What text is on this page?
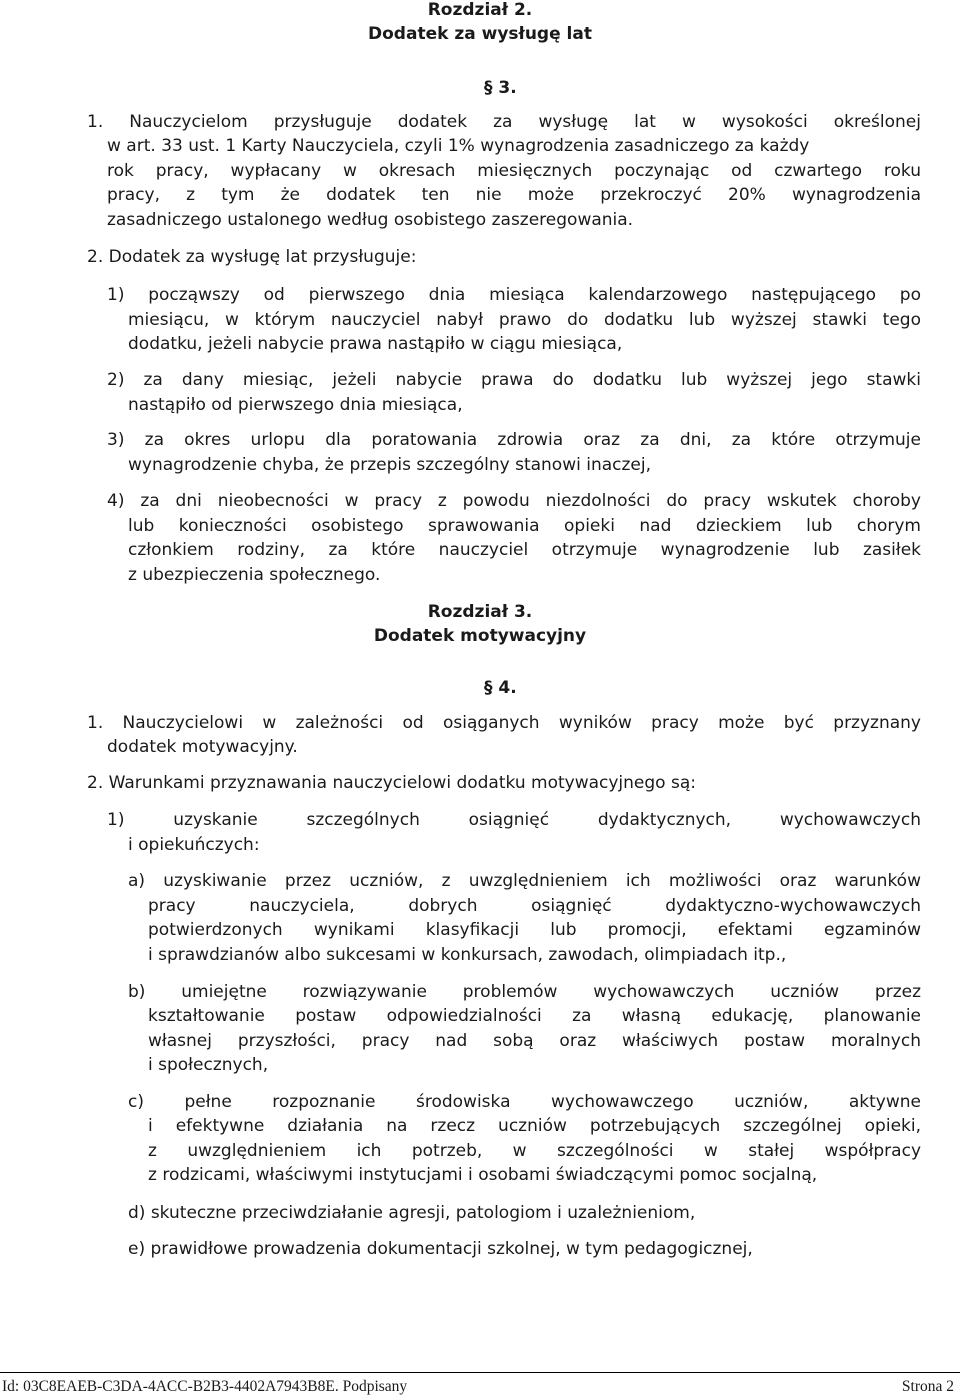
Rozdział 2.
Dodatek za wysługę lat
§ 3.
1. Nauczycielom przysługuje dodatek za wysługę lat w wysokości określonej
w art. 33 ust. 1 Karty Nauczyciela, czyli 1% wynagrodzenia zasadniczego za każdy
rok pracy, wypłacany w okresach miesięcznych poczynając od czwartego roku
pracy, z tym że dodatek ten nie może przekroczyć 20% wynagrodzenia
zasadniczego ustalonego według osobistego zaszeregowania.
2. Dodatek za wysługę lat przysługuje:
1) począwszy od pierwszego dnia miesiąca kalendarzowego następującego po
miesiącu, w którym nauczyciel nabył prawo do dodatku lub wyższej stawki tego
dodatku, jeżeli nabycie prawa nastąpiło w ciągu miesiąca,
2) za dany miesiąc, jeżeli nabycie prawa do dodatku lub wyższej jego stawki
nastąpiło od pierwszego dnia miesiąca,
3) za okres urlopu dla poratowania zdrowia oraz za dni, za które otrzymuje
wynagrodzenie chyba, że przepis szczególny stanowi inaczej,
4) za dni nieobecności w pracy z powodu niezdolności do pracy wskutek choroby
lub konieczności osobistego sprawowania opieki nad dzieckiem lub chorym
członkiem rodziny, za które nauczyciel otrzymuje wynagrodzenie lub zasiłek
z ubezpieczenia społecznego.
Rozdział 3.
Dodatek motywacyjny
§ 4.
1. Nauczycielowi w zależności od osiąganych wyników pracy może być przyznany
dodatek motywacyjny.
2. Warunkami przyznawania nauczycielowi dodatku motywacyjnego są:
1) uzyskanie szczególnych osiągnięć dydaktycznych, wychowawczych
i opiekuńczych:
a) uzyskiwanie przez uczniów, z uwzględnieniem ich możliwości oraz warunków
pracy nauczyciela, dobrych osiągnięć dydaktyczno-wychowawczych
potwierdzonych wynikami klasyfikacji lub promocji, efektami egzaminów
i sprawdzianów albo sukcesami w konkursach, zawodach, olimpiadach itp.,
b) umiejętne rozwiązywanie problemów wychowawczych uczniów przez
kształtowanie postaw odpowiedzialności za własną edukację, planowanie
własnej przyszłości, pracy nad sobą oraz właściwych postaw moralnych
i społecznych,
c) pełne rozpoznanie środowiska wychowawczego uczniów, aktywne
i efektywne działania na rzecz uczniów potrzebujących szczególnej opieki,
z uwzględnieniem ich potrzeb, w szczególności w stałej współpracy
z rodzicami, właściwymi instytucjami i osobami świadczącymi pomoc socjalną,
d) skuteczne przeciwdziałanie agresji, patologiom i uzależnieniom,
e) prawidłowe prowadzenia dokumentacji szkolnej, w tym pedagogicznej,
Id: 03C8EAEB-C3DA-4ACC-B2B3-4402A7943B8E. Podpisany	Strona 2
